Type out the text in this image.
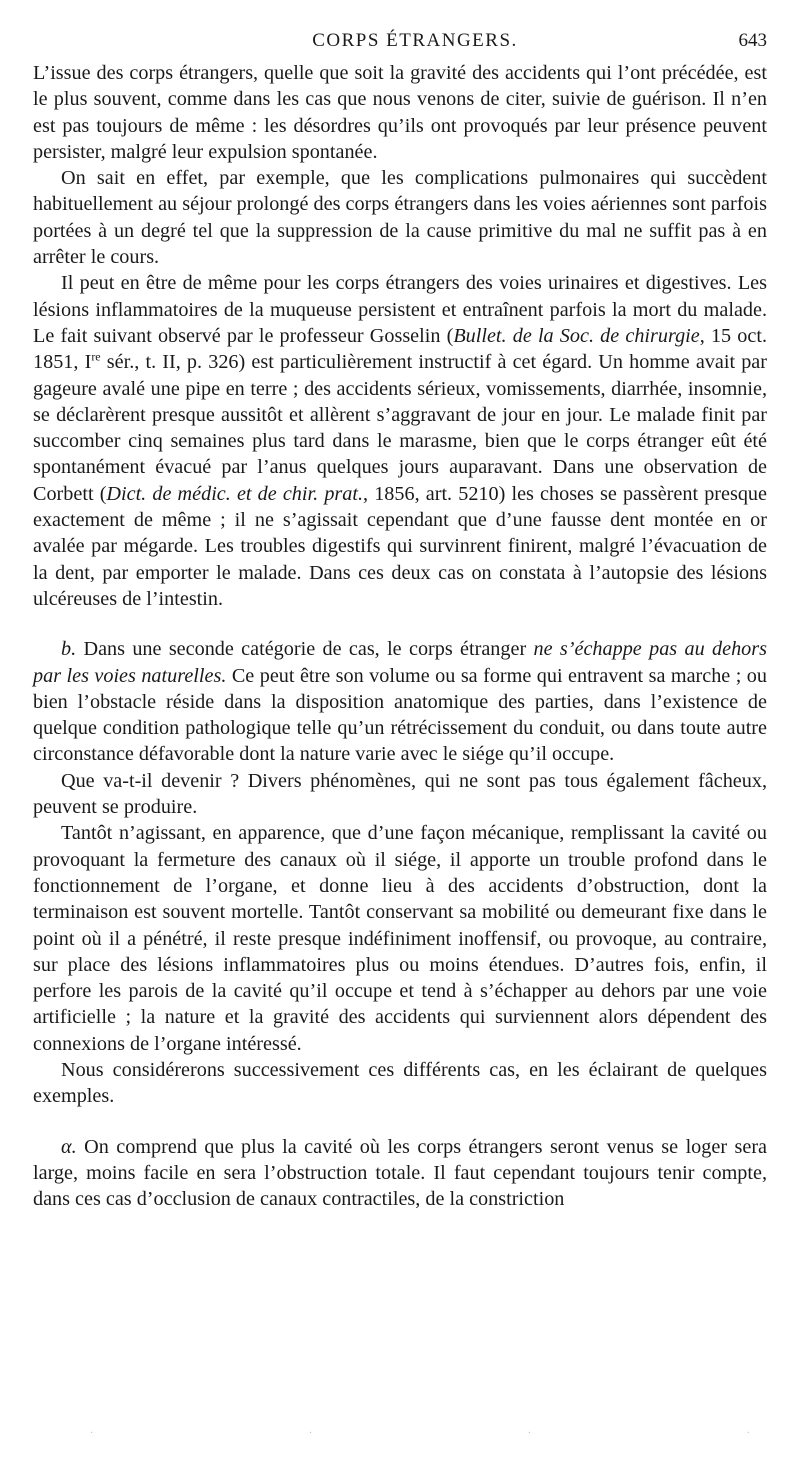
CORPS ÉTRANGERS.	643

L’issue des corps étrangers, quelle que soit la gravité des accidents qui l’ont précédée, est le plus souvent, comme dans les cas que nous venons de citer, suivie de guérison. Il n’en est pas toujours de même : les désordres qu’ils ont provoqués par leur présence peuvent persister, malgré leur expulsion spontanée.

On sait en effet, par exemple, que les complications pulmonaires qui succèdent habituellement au séjour prolongé des corps étrangers dans les voies aériennes sont parfois portées à un degré tel que la suppression de la cause primitive du mal ne suffit pas à en arrêter le cours.

Il peut en être de même pour les corps étrangers des voies urinaires et digestives. Les lésions inflammatoires de la muqueuse persistent et entraînent parfois la mort du malade. Le fait suivant observé par le professeur Gosselin (Bullet. de la Soc. de chirurgie, 15 oct. 1851, Ire sér., t. II, p. 326) est particulièrement instructif à cet égard. Un homme avait par gageure avalé une pipe en terre ; des accidents sérieux, vomissements, diarrhée, insomnie, se déclarèrent presque aussitôt et allèrent s’aggravant de jour en jour. Le malade finit par succomber cinq semaines plus tard dans le marasme, bien que le corps étranger eût été spontanément évacué par l’anus quelques jours auparavant. Dans une observation de Corbett (Dict. de médic. et de chir. prat., 1856, art. 5210) les choses se passèrent presque exactement de même ; il ne s’agissait cependant que d’une fausse dent montée en or avalée par mégarde. Les troubles digestifs qui survinrent finirent, malgré l’évacuation de la dent, par emporter le malade. Dans ces deux cas on constata à l’autopsie des lésions ulcéreuses de l’intestin.

b. Dans une seconde catégorie de cas, le corps étranger ne s’échappe pas au dehors par les voies naturelles. Ce peut être son volume ou sa forme qui entravent sa marche ; ou bien l’obstacle réside dans la disposition anatomique des parties, dans l’existence de quelque condition pathologique telle qu’un rétrécissement du conduit, ou dans toute autre circonstance défavorable dont la nature varie avec le siége qu’il occupe.

Que va-t-il devenir ? Divers phénomènes, qui ne sont pas tous également fâcheux, peuvent se produire.

Tantôt n’agissant, en apparence, que d’une façon mécanique, remplissant la cavité ou provoquant la fermeture des canaux où il siége, il apporte un trouble profond dans le fonctionnement de l’organe, et donne lieu à des accidents d’obstruction, dont la terminaison est souvent mortelle. Tantôt conservant sa mobilité ou demeurant fixe dans le point où il a pénétré, il reste presque indéfiniment inoffensif, ou provoque, au contraire, sur place des lésions inflammatoires plus ou moins étendues. D’autres fois, enfin, il perfore les parois de la cavité qu’il occupe et tend à s’échapper au dehors par une voie artificielle ; la nature et la gravité des accidents qui surviennent alors dépendent des connexions de l’organe intéressé.

Nous considérerons successivement ces différents cas, en les éclairant de quelques exemples.

α. On comprend que plus la cavité où les corps étrangers seront venus se loger sera large, moins facile en sera l’obstruction totale. Il faut cependant toujours tenir compte, dans ces cas d’occlusion de canaux contractiles, de la constriction

·	·	·	·
